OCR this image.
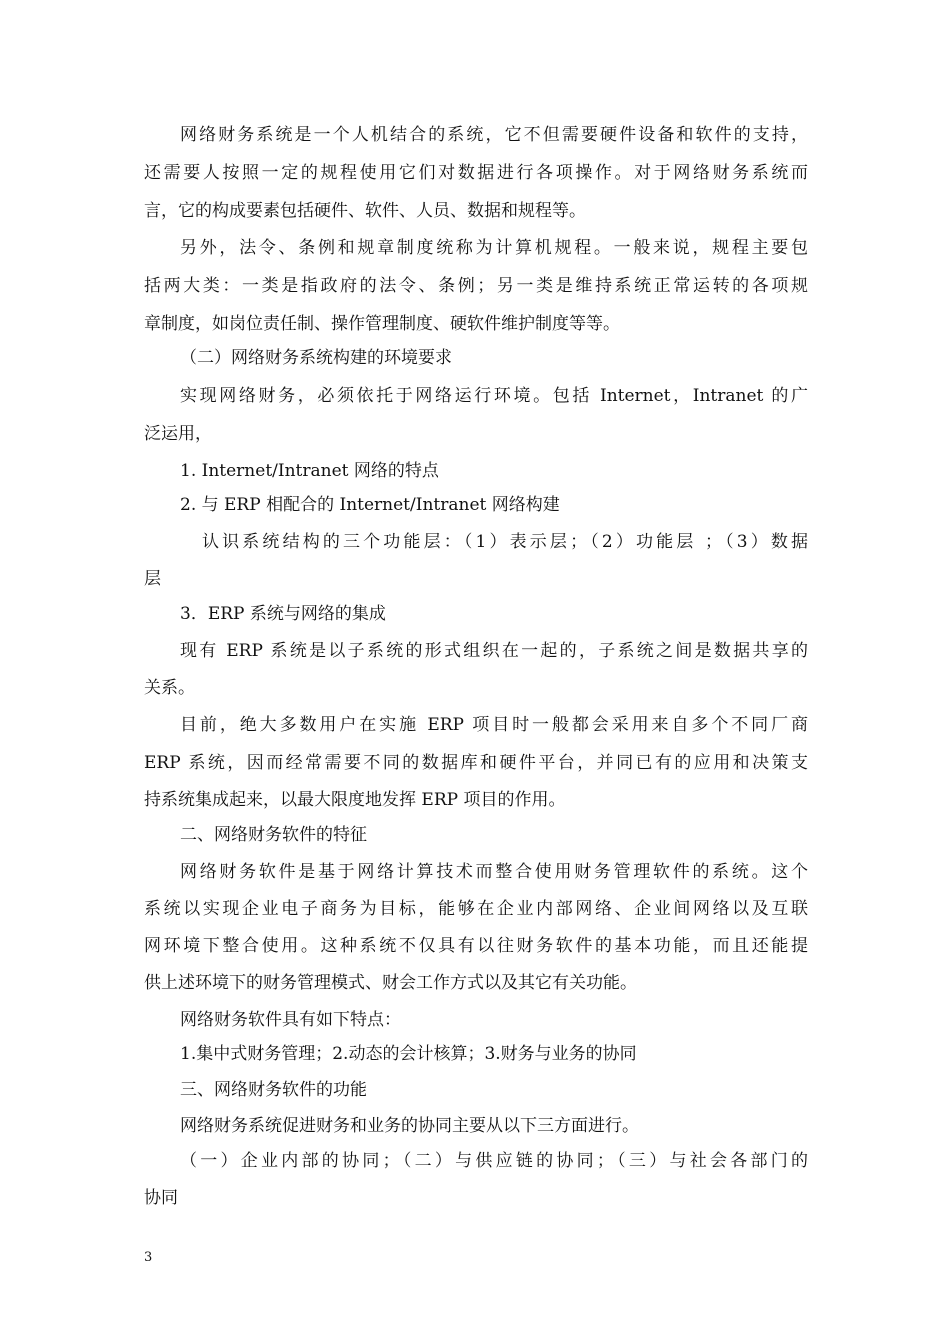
网络财务系统是一个人机结合的系统，它不但需要硬件设备和软件的支持，
还需要人按照一定的规程使用它们对数据进行各项操作。对于网络财务系统而
言，它的构成要素包括硬件、软件、人员、数据和规程等。
另外，法令、条例和规章制度统称为计算机规程。一般来说，规程主要包
括两大类：一类是指政府的法令、条例；另一类是维持系统正常运转的各项规
章制度，如岗位责任制、操作管理制度、硬软件维护制度等等。
（二）网络财务系统构建的环境要求
实现网络财务，必须依托于网络运行环境。包括 Internet，Intranet 的广
泛运用，
1. Internet/Intranet 网络的特点
2. 与 ERP 相配合的 Internet/Intranet 网络构建
认识系统结构的三个功能层：（1）表示层；（2）功能层 ；（3）数据
层
3．ERP 系统与网络的集成
现有 ERP 系统是以子系统的形式组织在一起的，子系统之间是数据共享的
关系。
目前，绝大多数用户在实施 ERP 项目时一般都会采用来自多个不同厂商
ERP 系统，因而经常需要不同的数据库和硬件平台，并同已有的应用和决策支
持系统集成起来，以最大限度地发挥 ERP 项目的作用。
二、网络财务软件的特征
网络财务软件是基于网络计算技术而整合使用财务管理软件的系统。这个
系统以实现企业电子商务为目标，能够在企业内部网络、企业间网络以及互联
网环境下整合使用。这种系统不仅具有以往财务软件的基本功能，而且还能提
供上述环境下的财务管理模式、财会工作方式以及其它有关功能。
网络财务软件具有如下特点：
1.集中式财务管理；2.动态的会计核算；3.财务与业务的协同
三、网络财务软件的功能
网络财务系统促进财务和业务的协同主要从以下三方面进行。
（一）企业内部的协同；（二）与供应链的协同；（三）与社会各部门的
协同
3
